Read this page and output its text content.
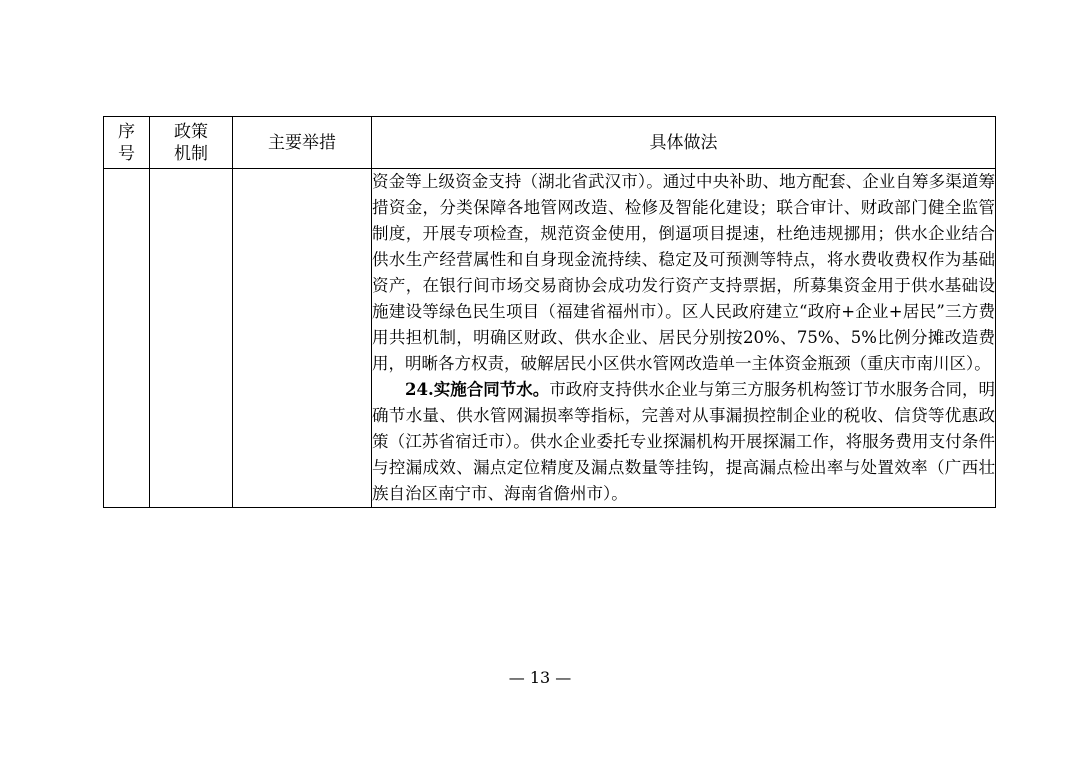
序号	政策机制	主要举措	具体做法

			资金等上级资金支持（湖北省武汉市）。通过中央补助、地方配套、企业自筹多渠道筹措资金，分类保障各地管网改造、检修及智能化建设；联合审计、财政部门健全监管制度，开展专项检查，规范资金使用，倒逼项目提速，杜绝违规挪用；供水企业结合供水生产经营属性和自身现金流持续、稳定及可预测等特点，将水费收费权作为基础资产，在银行间市场交易商协会成功发行资产支持票据，所募集资金用于供水基础设施建设等绿色民生项目（福建省福州市）。区人民政府建立“政府+企业+居民”三方费用共担机制，明确区财政、供水企业、居民分别按20%、75%、5%比例分摊改造费用，明晰各方权责，破解居民小区供水管网改造单一主体资金瓶颈（重庆市南川区）。

24.实施合同节水。市政府支持供水企业与第三方服务机构签订节水服务合同，明确节水量、供水管网漏损率等指标，完善对从事漏损控制企业的税收、信贷等优惠政策（江苏省宿迁市）。供水企业委托专业探漏机构开展探漏工作，将服务费用支付条件与控漏成效、漏点定位精度及漏点数量等挂钩，提高漏点检出率与处置效率（广西壮族自治区南宁市、海南省儋州市）。

— 13 —
